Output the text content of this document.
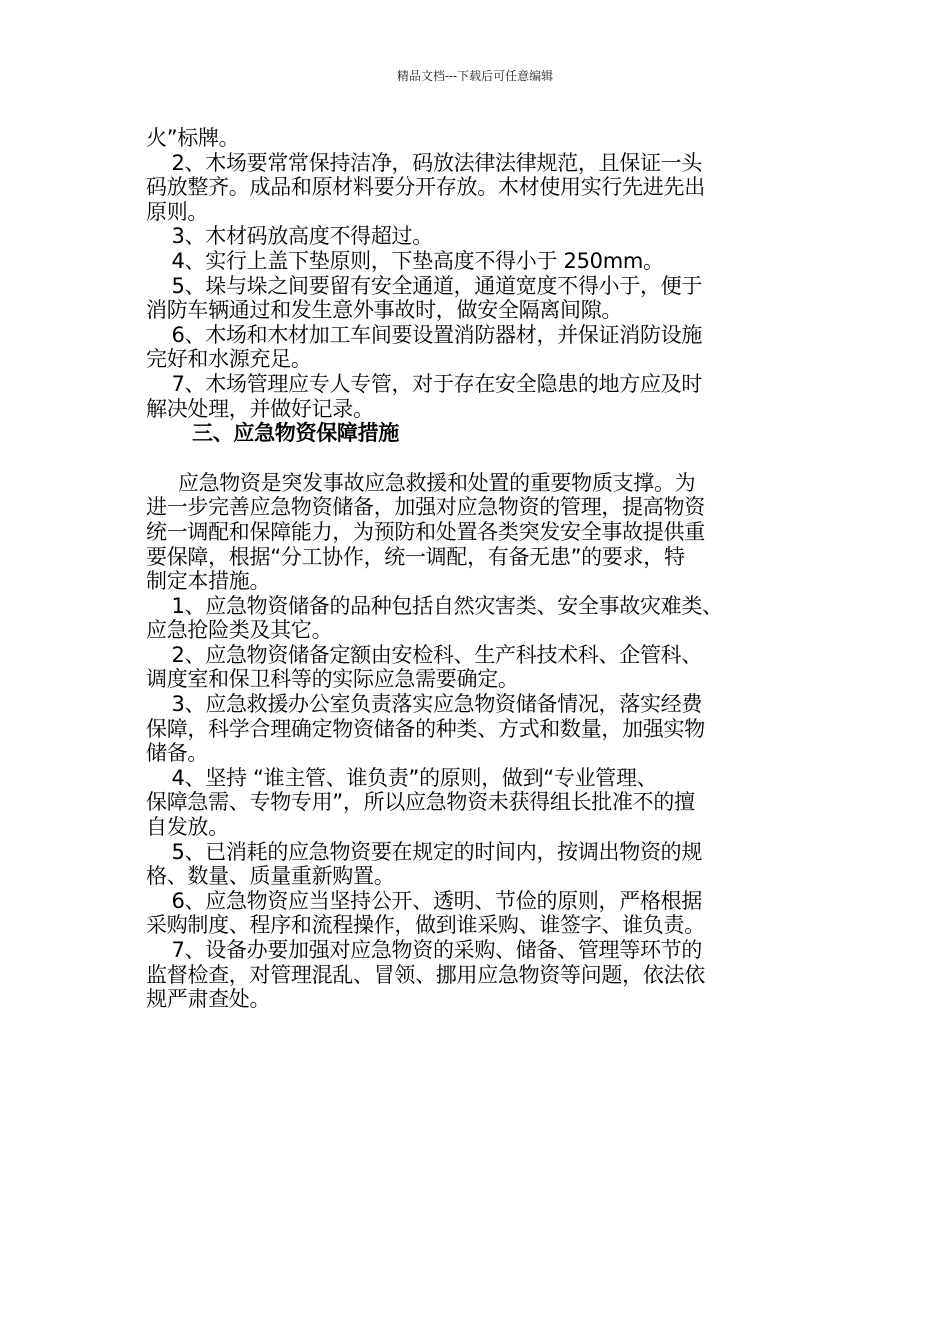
精品文档---下载后可任意编辑

火”标牌。

2、木场要常常保持洁净，码放法律法律规范，且保证一头

码放整齐。成品和原材料要分开存放。木材使用实行先进先出

原则。

3、木材码放高度不得超过。

4、实行上盖下垫原则，下垫高度不得小于 250mm。

5、垛与垛之间要留有安全通道，通道宽度不得小于，便于

消防车辆通过和发生意外事故时，做安全隔离间隙。

6、木场和木材加工车间要设置消防器材，并保证消防设施

完好和水源充足。

7、木场管理应专人专管，对于存在安全隐患的地方应及时

解决处理，并做好记录。

三、应急物资保障措施

应急物资是突发事故应急救援和处置的重要物质支撑。为

进一步完善应急物资储备，加强对应急物资的管理，提高物资

统一调配和保障能力，为预防和处置各类突发安全事故提供重

要保障，根据“分工协作，统一调配，有备无患”的要求，特

制定本措施。

1、应急物资储备的品种包括自然灾害类、安全事故灾难类、

应急抢险类及其它。

2、应急物资储备定额由安检科、生产科技术科、企管科、

调度室和保卫科等的实际应急需要确定。

3、应急救援办公室负责落实应急物资储备情况，落实经费

保障，科学合理确定物资储备的种类、方式和数量，加强实物

储备。

4、坚持 “谁主管、谁负责”的原则，做到“专业管理、

保障急需、专物专用”，所以应急物资未获得组长批准不的擅

自发放。

5、已消耗的应急物资要在规定的时间内，按调出物资的规

格、数量、质量重新购置。

6、应急物资应当坚持公开、透明、节俭的原则，严格根据

采购制度、程序和流程操作，做到谁采购、谁签字、谁负责。

7、设备办要加强对应急物资的采购、储备、管理等环节的

监督检查，对管理混乱、冒领、挪用应急物资等问题，依法依

规严肃查处。
